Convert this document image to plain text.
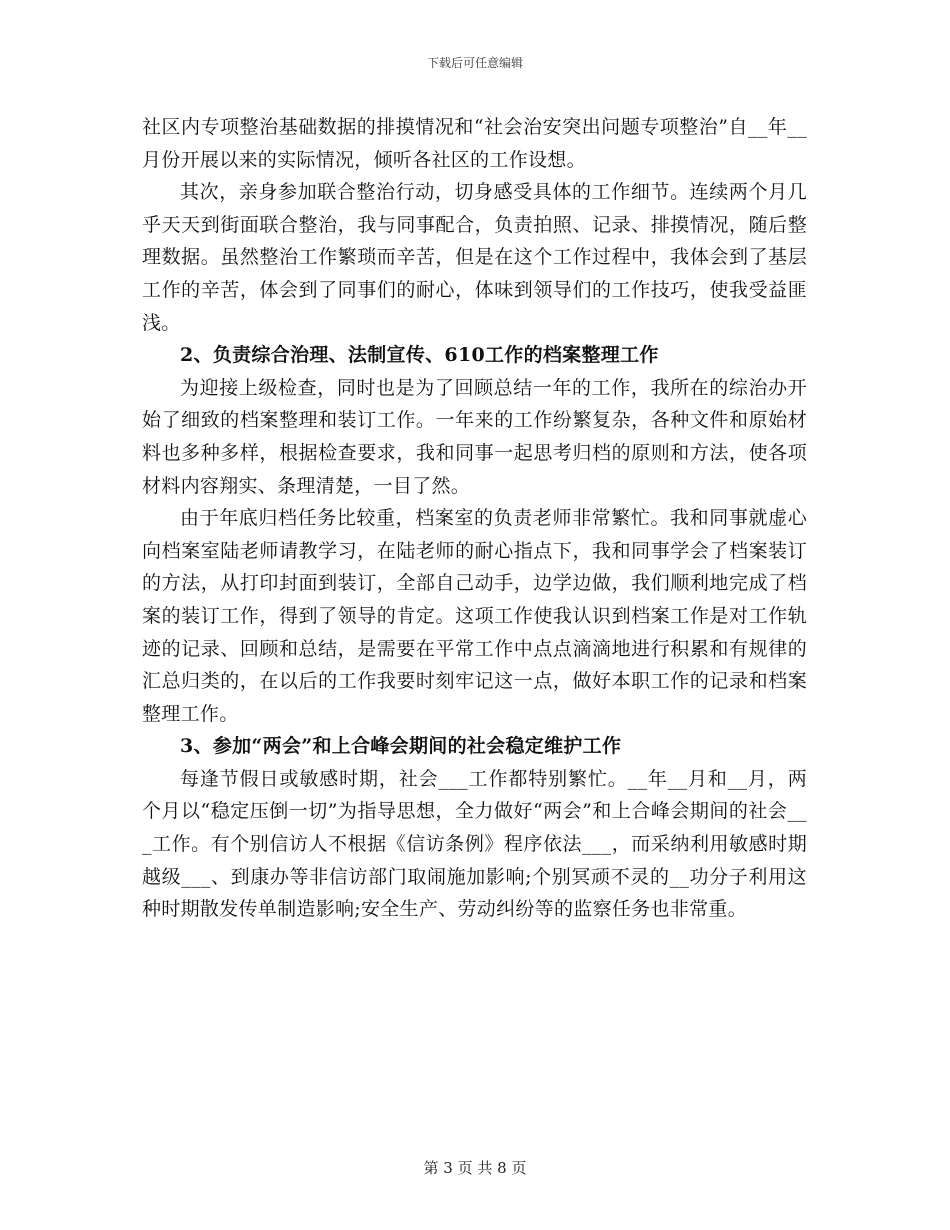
下载后可任意编辑

社区内专项整治基础数据的排摸情况和“社会治安突出问题专项整治”自__年__月份开展以来的实际情况，倾听各社区的工作设想。

其次，亲身参加联合整治行动，切身感受具体的工作细节。连续两个月几乎天天到街面联合整治，我与同事配合，负责拍照、记录、排摸情况，随后整理数据。虽然整治工作繁琐而辛苦，但是在这个工作过程中，我体会到了基层工作的辛苦，体会到了同事们的耐心，体味到领导们的工作技巧，使我受益匪浅。

2、负责综合治理、法制宣传、610工作的档案整理工作

为迎接上级检查，同时也是为了回顾总结一年的工作，我所在的综治办开始了细致的档案整理和装订工作。一年来的工作纷繁复杂，各种文件和原始材料也多种多样，根据检查要求，我和同事一起思考归档的原则和方法，使各项材料内容翔实、条理清楚，一目了然。

由于年底归档任务比较重，档案室的负责老师非常繁忙。我和同事就虚心向档案室陆老师请教学习，在陆老师的耐心指点下，我和同事学会了档案装订的方法，从打印封面到装订，全部自己动手，边学边做，我们顺利地完成了档案的装订工作，得到了领导的肯定。这项工作使我认识到档案工作是对工作轨迹的记录、回顾和总结，是需要在平常工作中点点滴滴地进行积累和有规律的汇总归类的，在以后的工作我要时刻牢记这一点，做好本职工作的记录和档案整理工作。

3、参加“两会”和上合峰会期间的社会稳定维护工作

每逢节假日或敏感时期，社会___工作都特别繁忙。__年__月和__月，两个月以“稳定压倒一切”为指导思想，全力做好“两会”和上合峰会期间的社会___工作。有个别信访人不根据《信访条例》程序依法___，而采纳利用敏感时期越级___、到康办等非信访部门取闹施加影响;个别冥顽不灵的__功分子利用这种时期散发传单制造影响;安全生产、劳动纠纷等的监察任务也非常重。

第 3 页 共 8 页
